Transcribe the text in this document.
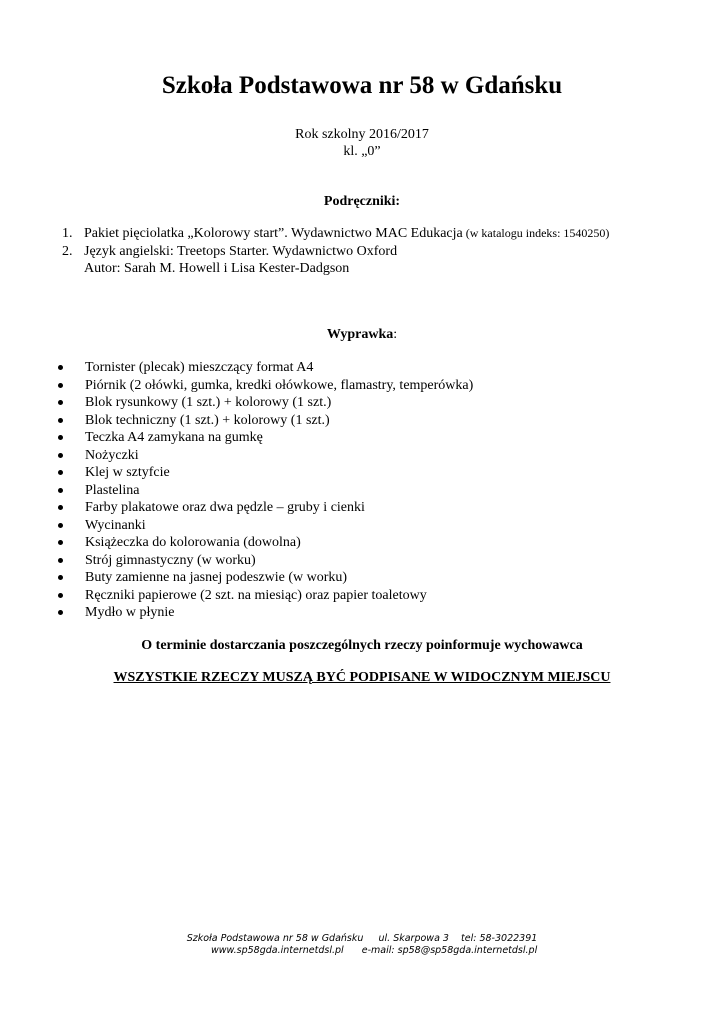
Szkoła Podstawowa nr 58 w Gdańsku
Rok szkolny 2016/2017
kl. „0”
Podręczniki:
1. Pakiet pięciolatka „Kolorowy start”. Wydawnictwo MAC Edukacja (w katalogu indeks: 1540250)
2. Język angielski: Treetops Starter. Wydawnictwo Oxford
Autor: Sarah M. Howell i Lisa Kester-Dadgson
Wyprawka:
Tornister (plecak) mieszczący format A4
Piórnik (2 ołówki, gumka, kredki ołówkowe, flamastry, temperówka)
Blok rysunkowy (1 szt.) + kolorowy (1 szt.)
Blok techniczny (1 szt.) + kolorowy (1 szt.)
Teczka A4 zamykana na gumkę
Nożyczki
Klej w sztyfcie
Plastelina
Farby plakatowe oraz dwa pędzle – gruby i cienki
Wycinanki
Książeczka do kolorowania (dowolna)
Strój gimnastyczny (w worku)
Buty zamienne na jasnej podeszwie (w worku)
Ręczniki papierowe (2 szt. na miesiąc) oraz papier toaletowy
Mydło w płynie
O terminie dostarczania poszczególnych rzeczy poinformuje wychowawca
WSZYSTKIE RZECZY MUSZĄ BYĆ PODPISANE W WIDOCZNYM MIEJSCU
Szkoła Podstawowa nr 58 w Gdańsku     ul. Skarpowa 3    tel: 58-3022391
www.sp58gda.internetdsl.pl      e-mail: sp58@sp58gda.internetdsl.pl
